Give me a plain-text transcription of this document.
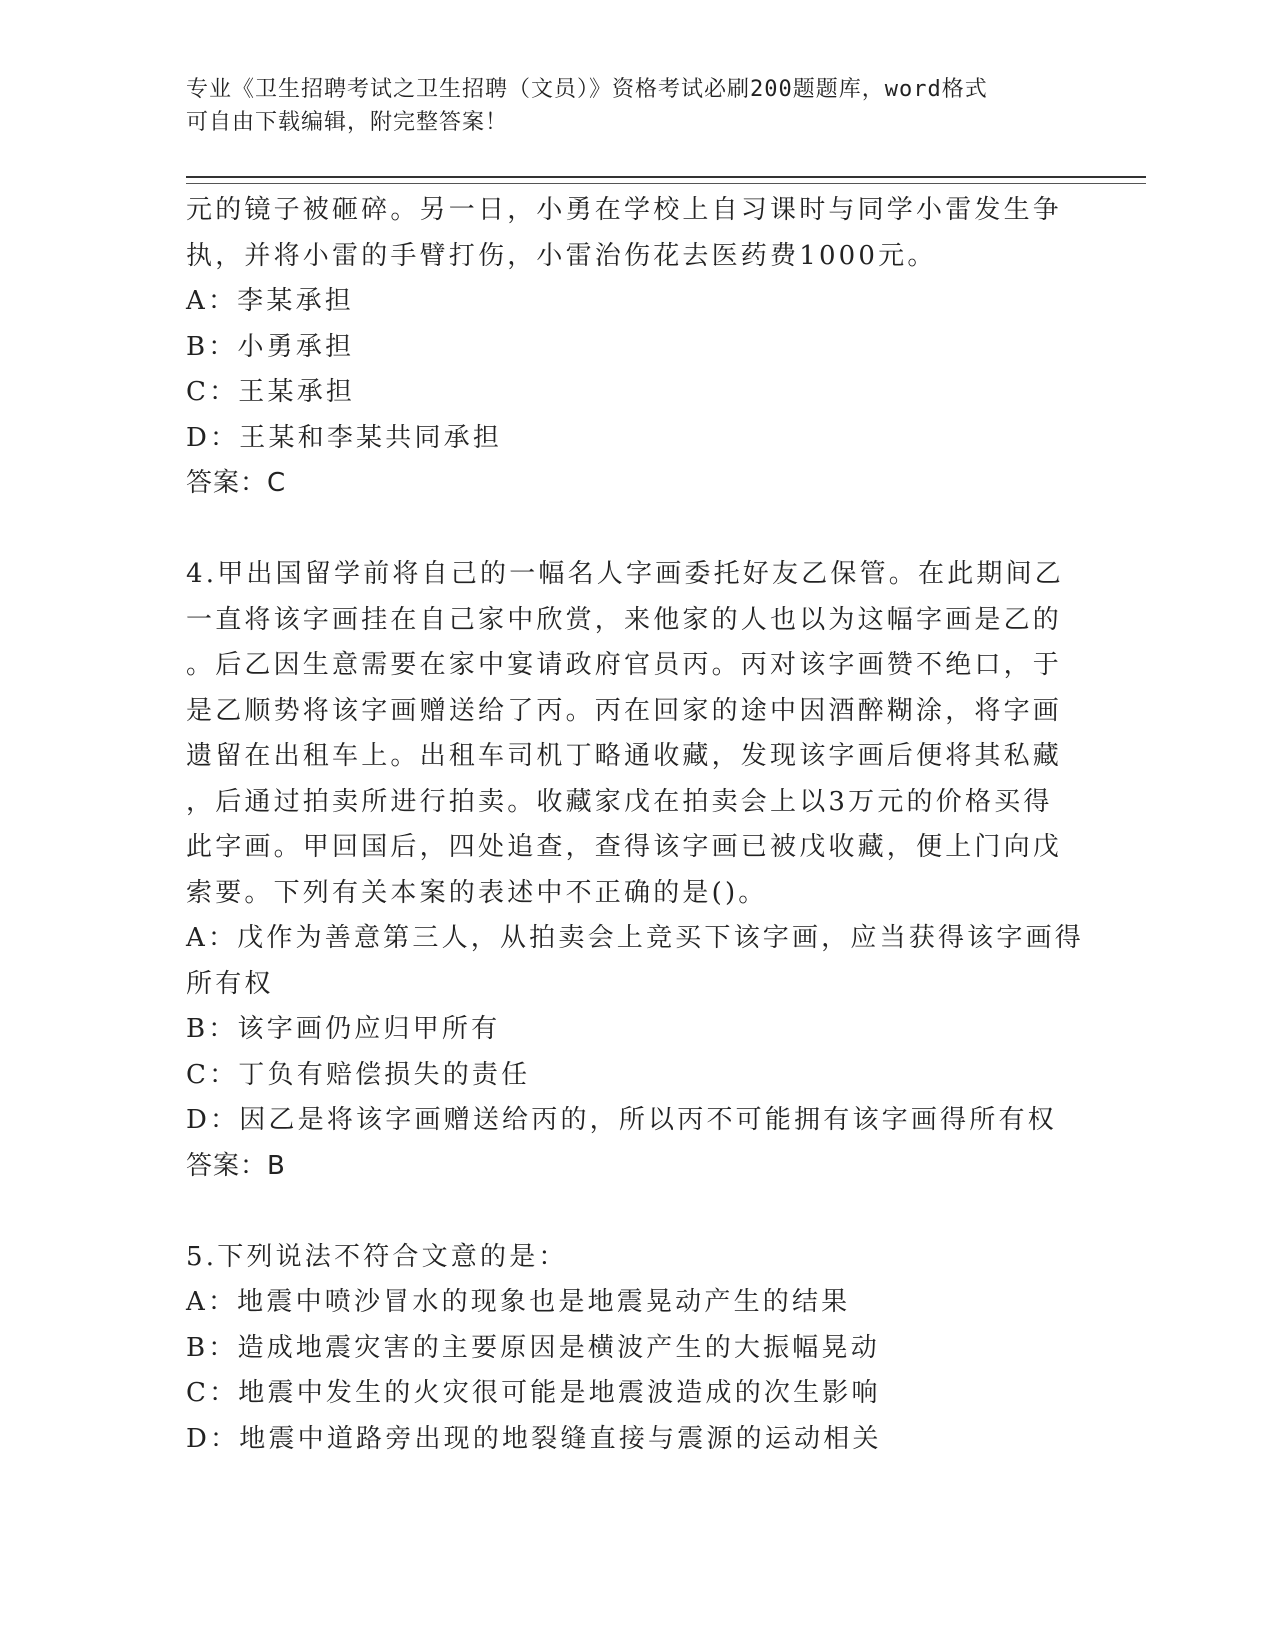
专业《卫生招聘考试之卫生招聘（文员）》资格考试必刷200题题库，word格式
可自由下载编辑，附完整答案！
元的镜子被砸碎。另一日，小勇在学校上自习课时与同学小雷发生争
执，并将小雷的手臂打伤，小雷治伤花去医药费1000元。
A：李某承担
B：小勇承担
C：王某承担
D：王某和李某共同承担
答案：C
4.甲出国留学前将自己的一幅名人字画委托好友乙保管。在此期间乙
一直将该字画挂在自己家中欣赏，来他家的人也以为这幅字画是乙的
。后乙因生意需要在家中宴请政府官员丙。丙对该字画赞不绝口，于
是乙顺势将该字画赠送给了丙。丙在回家的途中因酒醉糊涂，将字画
遗留在出租车上。出租车司机丁略通收藏，发现该字画后便将其私藏
，后通过拍卖所进行拍卖。收藏家戊在拍卖会上以3万元的价格买得
此字画。甲回国后，四处追查，查得该字画已被戊收藏，便上门向戊
索要。下列有关本案的表述中不正确的是()。
A：戊作为善意第三人，从拍卖会上竞买下该字画，应当获得该字画得
所有权
B：该字画仍应归甲所有
C：丁负有赔偿损失的责任
D：因乙是将该字画赠送给丙的，所以丙不可能拥有该字画得所有权
答案：B
5.下列说法不符合文意的是：
A：地震中喷沙冒水的现象也是地震晃动产生的结果
B：造成地震灾害的主要原因是横波产生的大振幅晃动
C：地震中发生的火灾很可能是地震波造成的次生影响
D：地震中道路旁出现的地裂缝直接与震源的运动相关
